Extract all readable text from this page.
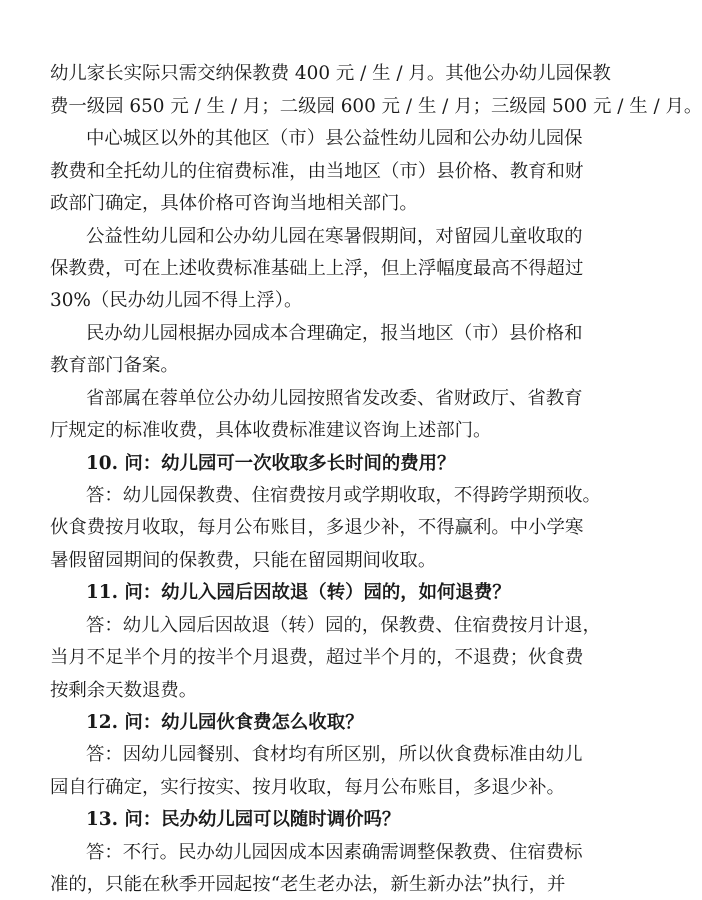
幼儿家长实际只需交纳保教费 400 元 / 生 / 月。其他公办幼儿园保教
费一级园 650 元 / 生 / 月；二级园 600 元 / 生 / 月；三级园 500 元 / 生 / 月。
中心城区以外的其他区（市）县公益性幼儿园和公办幼儿园保
教费和全托幼儿的住宿费标准，由当地区（市）县价格、教育和财
政部门确定，具体价格可咨询当地相关部门。
公益性幼儿园和公办幼儿园在寒暑假期间，对留园儿童收取的
保教费，可在上述收费标准基础上上浮，但上浮幅度最高不得超过
30%（民办幼儿园不得上浮）。
民办幼儿园根据办园成本合理确定，报当地区（市）县价格和
教育部门备案。
省部属在蓉单位公办幼儿园按照省发改委、省财政厅、省教育
厅规定的标准收费，具体收费标准建议咨询上述部门。
10. 问：幼儿园可一次收取多长时间的费用？
答：幼儿园保教费、住宿费按月或学期收取，不得跨学期预收。
伙食费按月收取，每月公布账目，多退少补，不得赢利。中小学寒
暑假留园期间的保教费，只能在留园期间收取。
11. 问：幼儿入园后因故退（转）园的，如何退费？
答：幼儿入园后因故退（转）园的，保教费、住宿费按月计退，
当月不足半个月的按半个月退费，超过半个月的，不退费；伙食费
按剩余天数退费。
12. 问：幼儿园伙食费怎么收取？
答：因幼儿园餐别、食材均有所区别，所以伙食费标准由幼儿
园自行确定，实行按实、按月收取，每月公布账目，多退少补。
13. 问：民办幼儿园可以随时调价吗？
答：不行。民办幼儿园因成本因素确需调整保教费、住宿费标
准的，只能在秋季开园起按“老生老办法，新生新办法”执行，并
